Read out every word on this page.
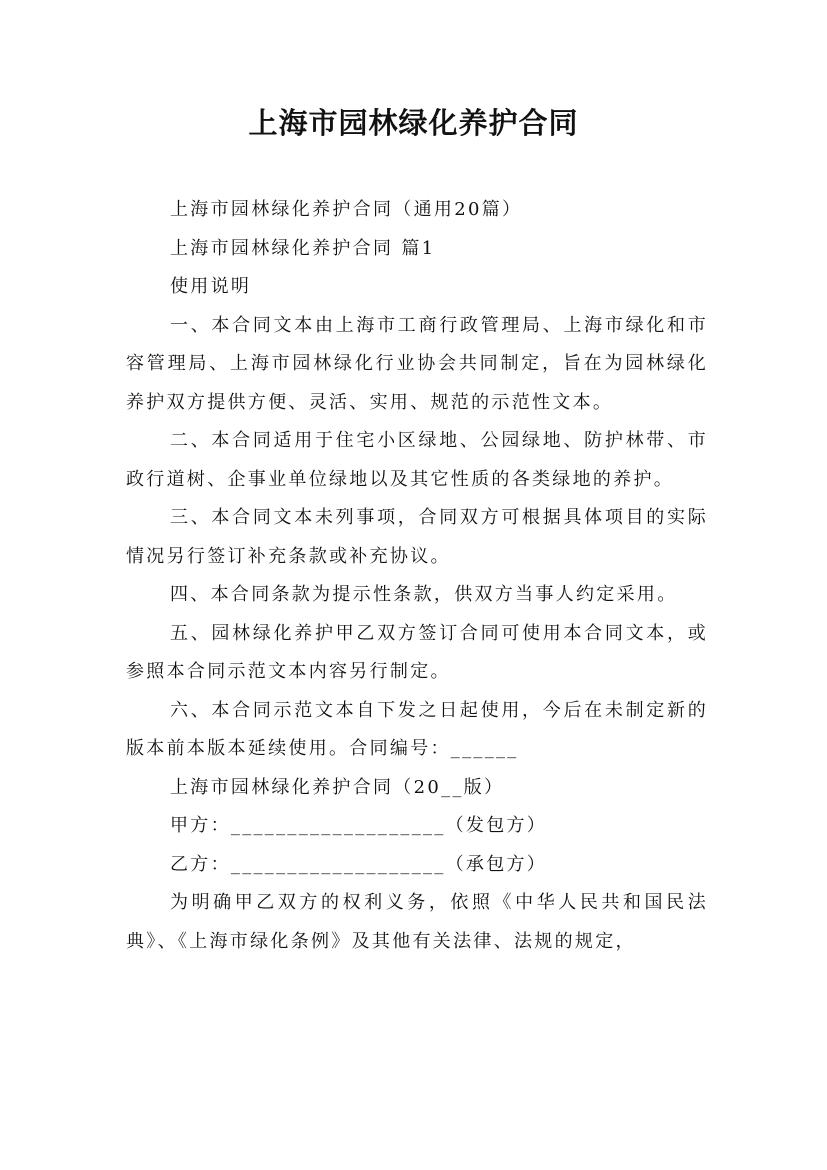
上海市园林绿化养护合同

上海市园林绿化养护合同（通用20篇）

上海市园林绿化养护合同 篇1

使用说明

一、本合同文本由上海市工商行政管理局、上海市绿化和市容管理局、上海市园林绿化行业协会共同制定，旨在为园林绿化养护双方提供方便、灵活、实用、规范的示范性文本。

二、本合同适用于住宅小区绿地、公园绿地、防护林带、市政行道树、企事业单位绿地以及其它性质的各类绿地的养护。

三、本合同文本未列事项，合同双方可根据具体项目的实际情况另行签订补充条款或补充协议。

四、本合同条款为提示性条款，供双方当事人约定采用。

五、园林绿化养护甲乙双方签订合同可使用本合同文本，或参照本合同示范文本内容另行制定。

六、本合同示范文本自下发之日起使用，今后在未制定新的版本前本版本延续使用。合同编号：______

上海市园林绿化养护合同（20__版）

甲方：___________________（发包方）

乙方：___________________（承包方）

为明确甲乙双方的权利义务，依照《中华人民共和国民法典》、《上海市绿化条例》及其他有关法律、法规的规定，
